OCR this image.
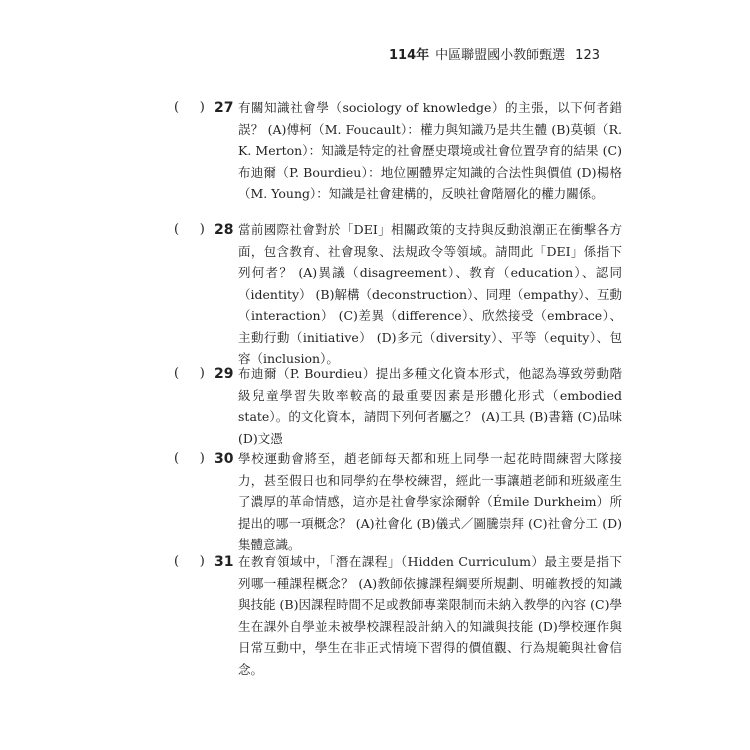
114年 中區聯盟國小教師甄選 123
(     ) 27 有關知識社會學（sociology of knowledge）的主張，以下何者錯誤？ (A)傅柯（M. Foucault）：權力與知識乃是共生體 (B)莫頓（R. K. Merton）：知識是特定的社會歷史環境或社會位置孕育的結果 (C)布迪爾（P. Bourdieu）：地位團體界定知識的合法性與價值 (D)楊格（M. Young）：知識是社會建構的，反映社會階層化的權力關係。
(     ) 28 當前國際社會對於「DEI」相關政策的支持與反動浪潮正在衝擊各方面，包含教育、社會現象、法規政令等領域。請問此「DEI」係指下列何者？ (A)異議（disagreement）、教育（education）、認同（identity） (B)解構（deconstruction）、同理（empathy）、互動（interaction） (C)差異（difference）、欣然接受（embrace）、主動行動（initiative） (D)多元（diversity）、平等（equity）、包容（inclusion）。
(     ) 29 布迪爾（P. Bourdieu）提出多種文化資本形式，他認為導致勞動階級兒童學習失敗率較高的最重要因素是形體化形式（embodied state）。的文化資本，請問下列何者屬之？ (A)工具 (B)書籍 (C)品味 (D)文憑
(     ) 30 學校運動會將至，趙老師每天都和班上同學一起花時間練習大隊接力，甚至假日也和同學約在學校練習，經此一事讓趙老師和班級產生了濃厚的革命情感，這亦是社會學家涂爾幹（Émile Durkheim）所提出的哪一項概念？ (A)社會化 (B)儀式／圖騰崇拜 (C)社會分工 (D)集體意識。
(     ) 31 在教育領域中，「潛在課程」（Hidden Curriculum）最主要是指下列哪一種課程概念？ (A)教師依據課程綱要所規劃、明確教授的知識與技能 (B)因課程時間不足或教師專業限制而未納入教學的內容 (C)學生在課外自學並未被學校課程設計納入的知識與技能 (D)學校運作與日常互動中，學生在非正式情境下習得的價值觀、行為規範與社會信念。
